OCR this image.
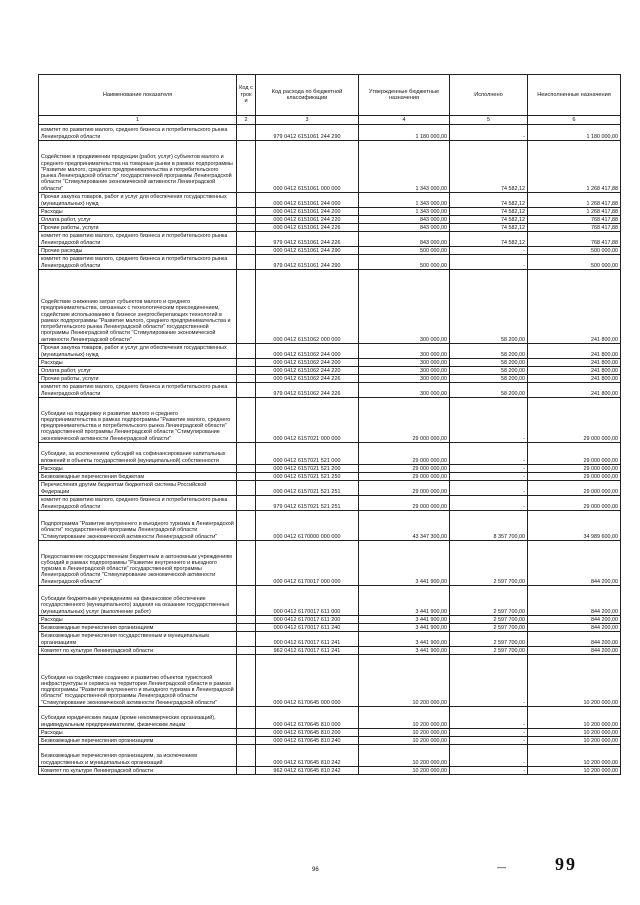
Наименование показателя	Код строки	Код расхода по бюджетной классификации	Утвержденные бюджетные назначения	Исполнено	Неисполненные назначения
1	2	3	4	5	6
комитет по развитию малого, среднего бизнеса и потребительского рынка Ленинградской области		979 0412 6151061 244 290	1 180 000,00	-	1 180 000,00
Содействие в продвижении продукции (работ, услуг) субъектов малого и среднего предпринимательства на товарные рынки в рамках подпрограммы "Развитие малого, среднего предпринимательства и потребительского рынка Ленинградской области" государственной программы Ленинградской области "Стимулирование экономической активности Ленинградской области"		000 0412 6151061 000 000	1 343 000,00	74 582,12	1 268 417,88
Прочая закупка товаров, работ и услуг для обеспечения государственных (муниципальных) нужд		000 0412 6151061 244 000	1 343 000,00	74 582,12	1 268 417,88
Расходы		000 0412 6151061 244 200	1 343 000,00	74 582,12	1 268 417,88
Оплата работ, услуг		000 0412 6151061 244 220	843 000,00	74 582,12	768 417,88
Прочие работы, услуги		000 0412 6151061 244 226	843 000,00	74 582,12	768 417,88
комитет по развитию малого, среднего бизнеса и потребительского рынка Ленинградской области		979 0412 6151061 244 226	843 000,00	74 582,12	768 417,88
Прочие расходы		000 0412 6151061 244 290	500 000,00	-	500 000,00
комитет по развитию малого, среднего бизнеса и потребительского рынка Ленинградской области		979 0412 6151061 244 290	500 000,00	-	500 000,00
Содействие снижению затрат субъектов малого и среднего предпринимательства, связанных с технологическим присоединением, содействие использованию в бизнесе энергосберегающих технологий в рамках подпрограммы "Развитие малого, среднего предпринимательства и потребительского рынка Ленинградской области" государственной программы Ленинградской области "Стимулирование экономической активности Ленинградской области"		000 0412 6151062 000 000	300 000,00	58 200,00	241 800,00
Прочая закупка товаров, работ и услуг для обеспечения государственных (муниципальных) нужд		000 0412 6151062 244 000	300 000,00	58 200,00	241 800,00
Расходы		000 0412 6151062 244 200	300 000,00	58 200,00	241 800,00
Оплата работ, услуг		000 0412 6151062 244 220	300 000,00	58 200,00	241 800,00
Прочие работы, услуги		000 0412 6151062 244 226	300 000,00	58 200,00	241 800,00
комитет по развитию малого, среднего бизнеса и потребительского рынка Ленинградской области		979 0412 6151062 244 226	300 000,00	58 200,00	241 800,00
Субсидии на поддержку и развитие малого и среднего предпринимательства в рамках подпрограммы "Развитие малого, среднего предпринимательства и потребительского рынка Ленинградской области" государственной программы Ленинградской области "Стимулирование экономической активности Ленинградской области"		000 0412 6157021 000 000	29 000 000,00	-	29 000 000,00
Субсидии, за исключением субсидий на софинансирование капитальных вложений в объекты государственной (муниципальной) собственности		000 0412 6157021 521 000	29 000 000,00	-	29 000 000,00
Расходы		000 0412 6157021 521 200	29 000 000,00	-	29 000 000,00
Безвозмездные перечисления бюджетам		000 0412 6157021 521 250	29 000 000,00	-	29 000 000,00
Перечисления другим бюджетам бюджетной системы Российской Федерации		000 0412 6157021 521 251	29 000 000,00	-	29 000 000,00
комитет по развитию малого, среднего бизнеса и потребительского рынка Ленинградской области		979 0412 6157021 521 251	29 000 000,00	-	29 000 000,00
Подпрограмма "Развитие внутреннего и въездного туризма в Ленинградской области" государственной программы Ленинградской области "Стимулирование экономической активности Ленинградской области"		000 0412 6170000 000 000	43 347 300,00	8 357 700,00	34 989 600,00
Предоставление государственным бюджетным и автономным учреждениям субсидий в рамках подпрограммы "Развитие внутреннего и въездного туризма в Ленинградской области" государственной программы Ленинградской области "Стимулирование экономической активности Ленинградской области"		000 0412 6170017 000 000	3 441 900,00	2 597 700,00	844 200,00
Субсидии бюджетным учреждениям на финансовое обеспечение государственного (муниципального) задания на оказание государственных (муниципальных) услуг (выполнение работ)		000 0412 6170017 611 000	3 441 900,00	2 597 700,00	844 200,00
Расходы		000 0412 6170017 611 200	3 441 900,00	2 597 700,00	844 200,00
Безвозмездные перечисления организациям		000 0412 6170017 611 240	3 441 900,00	2 597 700,00	844 200,00
Безвозмездные перечисления государственным и муниципальным организациям		000 0412 6170017 611 241	3 441 900,00	2 597 700,00	844 200,00
Комитет по культуре Ленинградской области		962 0412 6170017 611 241	3 441 900,00	2 597 700,00	844 200,00
Субсидии на содействие созданию и развитию объектов туристской инфраструктуры и сервиса на территории Ленинградской области в рамках подпрограммы "Развитие внутреннего и въездного туризма в Ленинградской области" государственной программы Ленинградской области "Стимулирование экономической активности Ленинградской области"		000 0412 6170645 000 000	10 200 000,00	-	10 200 000,00
Субсидии юридическим лицам (кроме некоммерческих организаций), индивидуальным предпринимателям, физическим лицам		000 0412 6170645 810 000	10 200 000,00	-	10 200 000,00
Расходы		000 0412 6170645 810 200	10 200 000,00	-	10 200 000,00
Безвозмездные перечисления организациям		000 0412 6170645 810 240	10 200 000,00	-	10 200 000,00
Безвозмездные перечисления организациям, за исключением государственных и муниципальных организаций		000 0412 6170645 810 242	10 200 000,00	-	10 200 000,00
Комитет по культуре Ленинградской области		962 0412 6170645 810 242	10 200 000,00	-	10 200 000,00
96	—	99
